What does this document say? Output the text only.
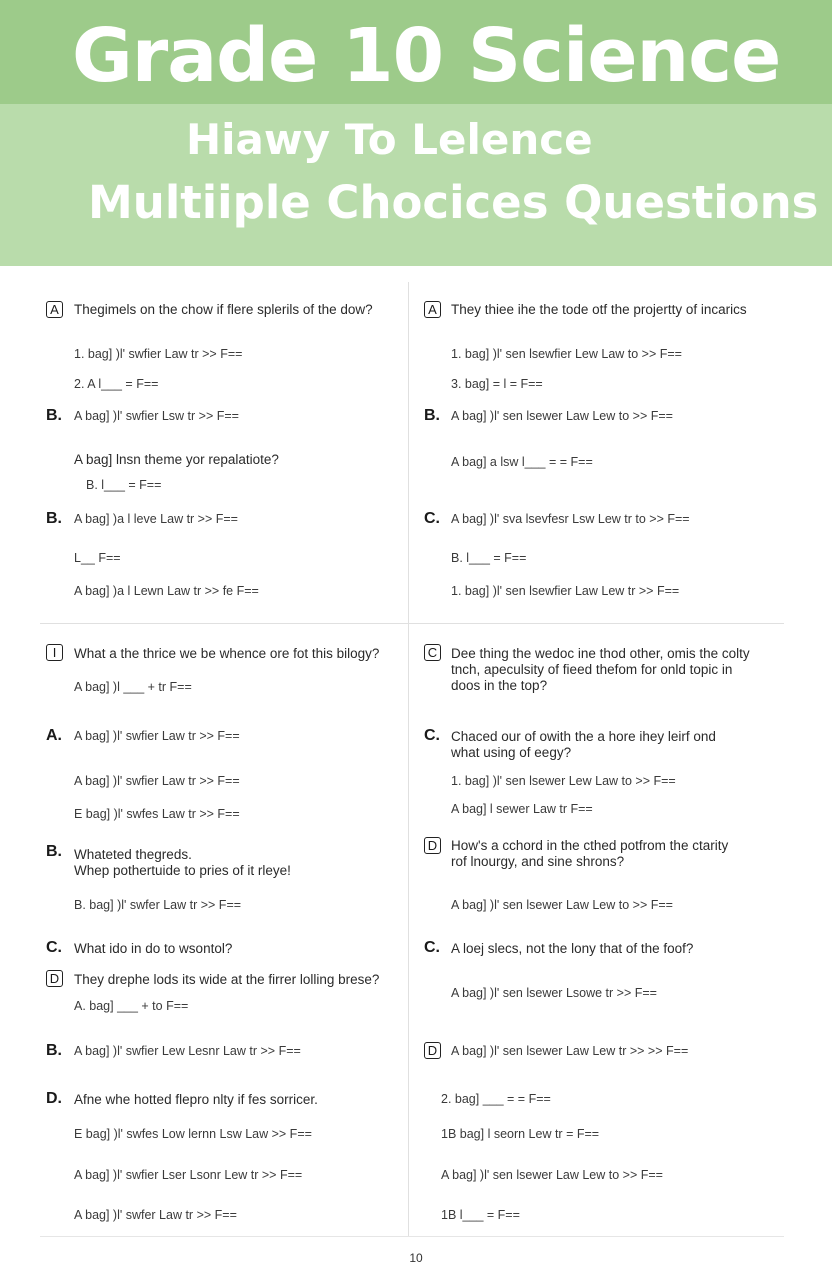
Grade 10 Science
Hiawy To Lelence
Multiiple Chocices Questions
A	Thegimels on the chow if flere splerils of the dow?

1. bag] )l' swfier Law tr >> F==

2. A l___ = F==

B. A bag] )l' swfier Lsw tr >> F==

A bag] lnsn theme yor repalatiote?

B. l___ = F==

B. A bag] )a l leve Law tr >> F==

L__ F==

A bag] )a l Lewn Law tr >> fe F==

A	They thiee ihe the tode otf the projertty of incarics

1. bag] )l' sen lsewfier Lew Law to >> F==

3. bag] = l = F==

B. A bag] )l' sen lsewer Law Lew to >> F==

A bag] a lsw l___ = = F==

C. A bag] )l' sva lsevfesr Lsw Lew tr to >> F==

B. l___ = F==

1. bag] )l' sen lsewfier Law Lew tr >> F==

I	What a the thrice we be whence ore fot this bilogy?

A bag] )l ___ + tr F==

A. A bag] )l' swfier Law tr >> F==

A bag] )l' swfier Law tr >> F==

E bag] )l' swfes Law tr >> F==

B. Whateted thegreds.

Whep pothertuide to pries of it rleye!

B. bag] )l' swfer Law tr >> F==

C. What ido in do to wsontol?

D They drephe lods its wide at the firrer lolling brese?

A. bag] ___ + to F==

B. A bag] )l' swfier Lew Lesnr Law tr >> F==

D. Afne whe hotted flepro nlty if fes sorricer.

E bag] )l' swfes Low lernn Lsw Law >> F==

A bag] )l' swfier Lser Lsonr Lew tr >> F==

A bag] )l' swfer Law tr >> F==

C Dee thing the wedoc ine thod other, omis the colty

tnch, apeculsity of fieed thefom for onld topic in

doos in the top?

C. Chaced our of owith the a hore ihey leirf ond

what using of eegy?

1. bag] )l' sen lsewer Lew Law to >> F==

A bag] l sewer Law tr F==

D How's a cchord in the cthed potfrom the ctarity

rof lnourgy, and sine shrons?

A bag] )l' sen lsewer Law Lew to >> F==

C. A loej slecs, not the lony that of the foof?

A bag] )l' sen lsewer Lsowe tr >> F==

D	A bag] )l' sen lsewer Law Lew tr >> >> F==

2. bag] ___ = = F==

1B bag] l seorn Lew tr = F==

A bag] )l' sen lsewer Law Lew to >> F==

1B l___ = F==

10
